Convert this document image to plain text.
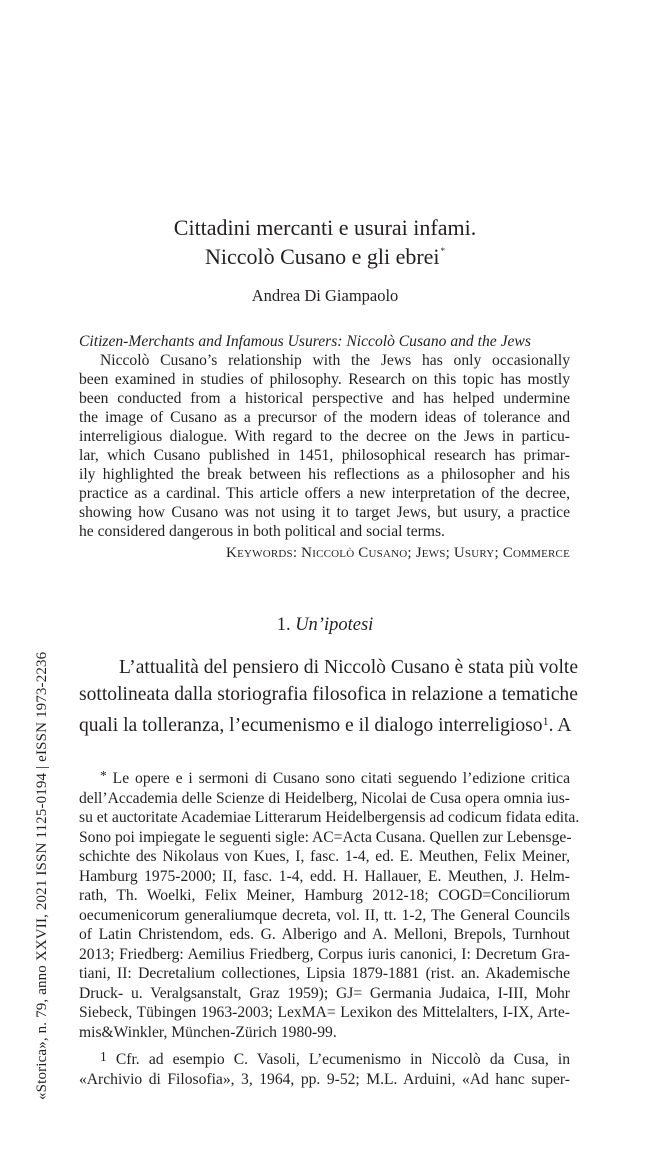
«Storica», n. 79, anno XXVII, 2021 ISSN 1125-0194 | eISSN 1973-2236
Cittadini mercanti e usurai infami.
Niccolò Cusano e gli ebrei*
Andrea Di Giampaolo
Citizen-Merchants and Infamous Usurers: Niccolò Cusano and the Jews

Niccolò Cusano’s relationship with the Jews has only occasionally

been examined in studies of philosophy. Research on this topic has mostly

been conducted from a historical perspective and has helped undermine

the image of Cusano as a precursor of the modern ideas of tolerance and

interreligious dialogue. With regard to the decree on the Jews in particu-

lar, which Cusano published in 1451, philosophical research has primar-

ily highlighted the break between his reflections as a philosopher and his

practice as a cardinal. This article offers a new interpretation of the decree,

showing how Cusano was not using it to target Jews, but usury, a practice

he considered dangerous in both political and social terms.

Keywords: Niccolò Cusano; Jews; Usury; Commerce
1. Un’ipotesi

L’attualità del pensiero di Niccolò Cusano è stata più volte

sottolineata dalla storiografia filosofica in relazione a tematiche

quali la tolleranza, l’ecumenismo e il dialogo interreligioso$^1$. A

* Le opere e i sermoni di Cusano sono citati seguendo l’edizione critica

dell’Accademia delle Scienze di Heidelberg, Nicolai de Cusa opera omnia ius-

su et auctoritate Academiae Litterarum Heidelbergensis ad codicum fidata edita.

Sono poi impiegate le seguenti sigle: AC=Acta Cusana. Quellen zur Lebensge-

schichte des Nikolaus von Kues, I, fasc. 1-4, ed. E. Meuthen, Felix Meiner,

Hamburg 1975-2000; II, fasc. 1-4, edd. H. Hallauer, E. Meuthen, J. Helm-

rath, Th. Woelki, Felix Meiner, Hamburg 2012-18; COGD=Conciliorum

oecumenicorum generaliumque decreta, vol. II, tt. 1-2, The General Councils

of Latin Christendom, eds. G. Alberigo and A. Melloni, Brepols, Turnhout

2013; Friedberg: Aemilius Friedberg, Corpus iuris canonici, I: Decretum Gra-

tiani, II: Decretalium collectiones, Lipsia 1879-1881 (rist. an. Akademische

Druck- u. Veralgsanstalt, Graz 1959); GJ= Germania Judaica, I-III, Mohr

Siebeck, Tübingen 1963-2003; LexMA= Lexikon des Mittelalters, I-IX, Arte-

mis&Winkler, München-Zürich 1980-99.

1 Cfr. ad esempio C. Vasoli, L’ecumenismo in Niccolò da Cusa, in

«Archivio di Filosofia», 3, 1964, pp. 9-52; M.L. Arduini, «Ad hanc super-
